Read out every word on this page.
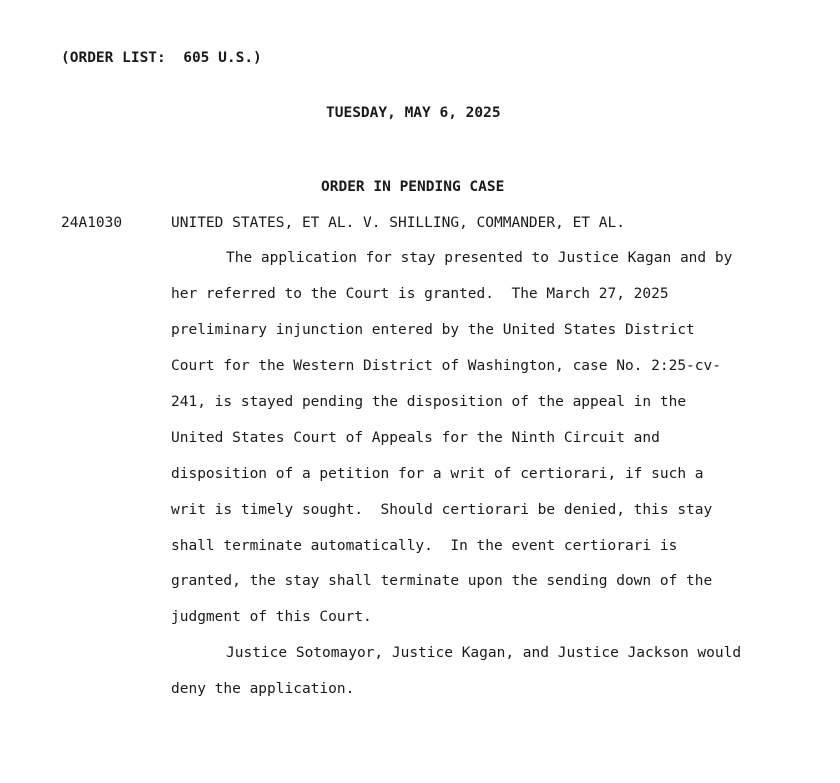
(ORDER LIST:  605 U.S.)

TUESDAY, MAY 6, 2025

ORDER IN PENDING CASE

24A1030	UNITED STATES, ET AL. V. SHILLING, COMMANDER, ET AL.

The application for stay presented to Justice Kagan and by

her referred to the Court is granted.  The March 27, 2025

preliminary injunction entered by the United States District

Court for the Western District of Washington, case No. 2:25-cv-

241, is stayed pending the disposition of the appeal in the

United States Court of Appeals for the Ninth Circuit and

disposition of a petition for a writ of certiorari, if such a

writ is timely sought.  Should certiorari be denied, this stay

shall terminate automatically.  In the event certiorari is

granted, the stay shall terminate upon the sending down of the

judgment of this Court.

Justice Sotomayor, Justice Kagan, and Justice Jackson would

deny the application.
